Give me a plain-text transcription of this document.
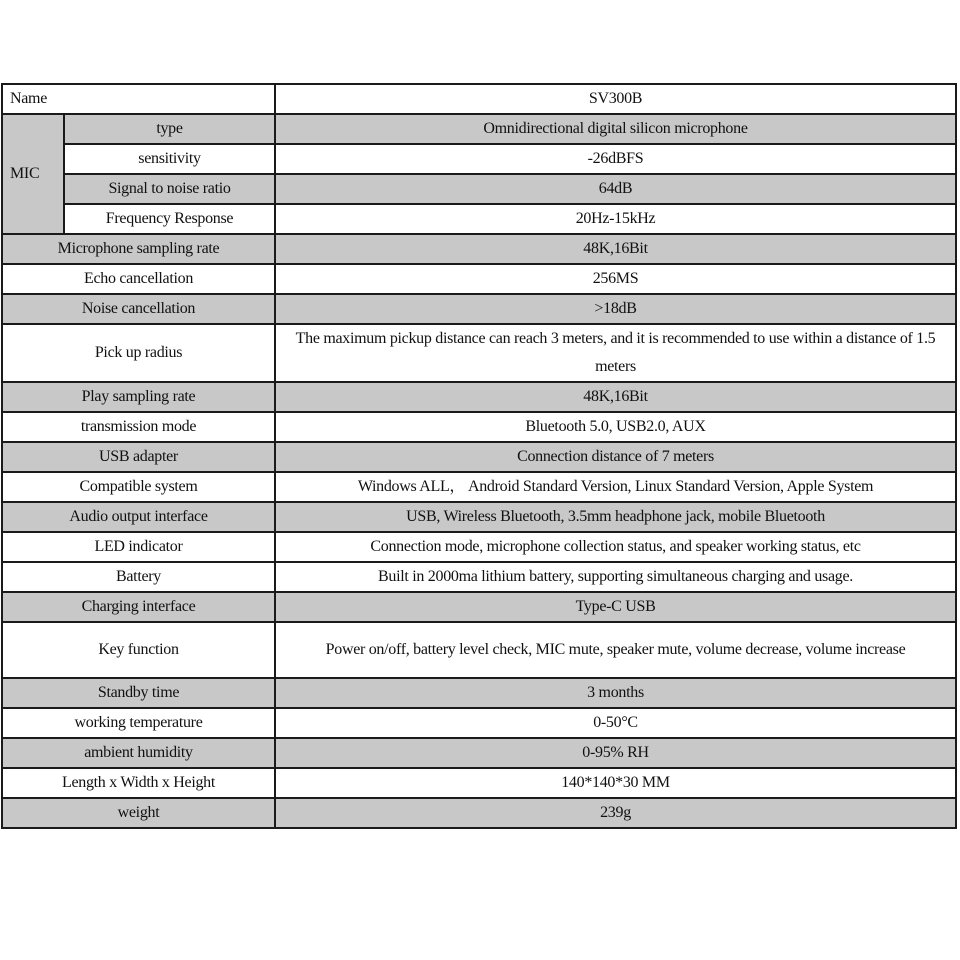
Name		SV300B
MIC	type	Omnidirectional digital silicon microphone
	sensitivity	-26dBFS
	Signal to noise ratio	64dB
	Frequency Response	20Hz-15kHz
Microphone sampling rate		48K,16Bit
Echo cancellation		256MS
Noise cancellation		>18dB
Pick up radius		The maximum pickup distance can reach 3 meters, and it is recommended to use within a distance of 1.5 meters
Play sampling rate		48K,16Bit
transmission mode		Bluetooth 5.0, USB2.0, AUX
USB adapter		Connection distance of 7 meters
Compatible system		Windows ALL， Android Standard Version, Linux Standard Version, Apple System
Audio output interface		USB, Wireless Bluetooth, 3.5mm headphone jack, mobile Bluetooth
LED indicator		Connection mode, microphone collection status, and speaker working status, etc
Battery		Built in 2000ma lithium battery, supporting simultaneous charging and usage.
Charging interface		Type-C USB
Key function		Power on/off, battery level check, MIC mute, speaker mute, volume decrease, volume increase
Standby time		3 months
working temperature		0-50°C
ambient humidity		0-95% RH
Length x Width x Height		140*140*30 MM
weight		239g
